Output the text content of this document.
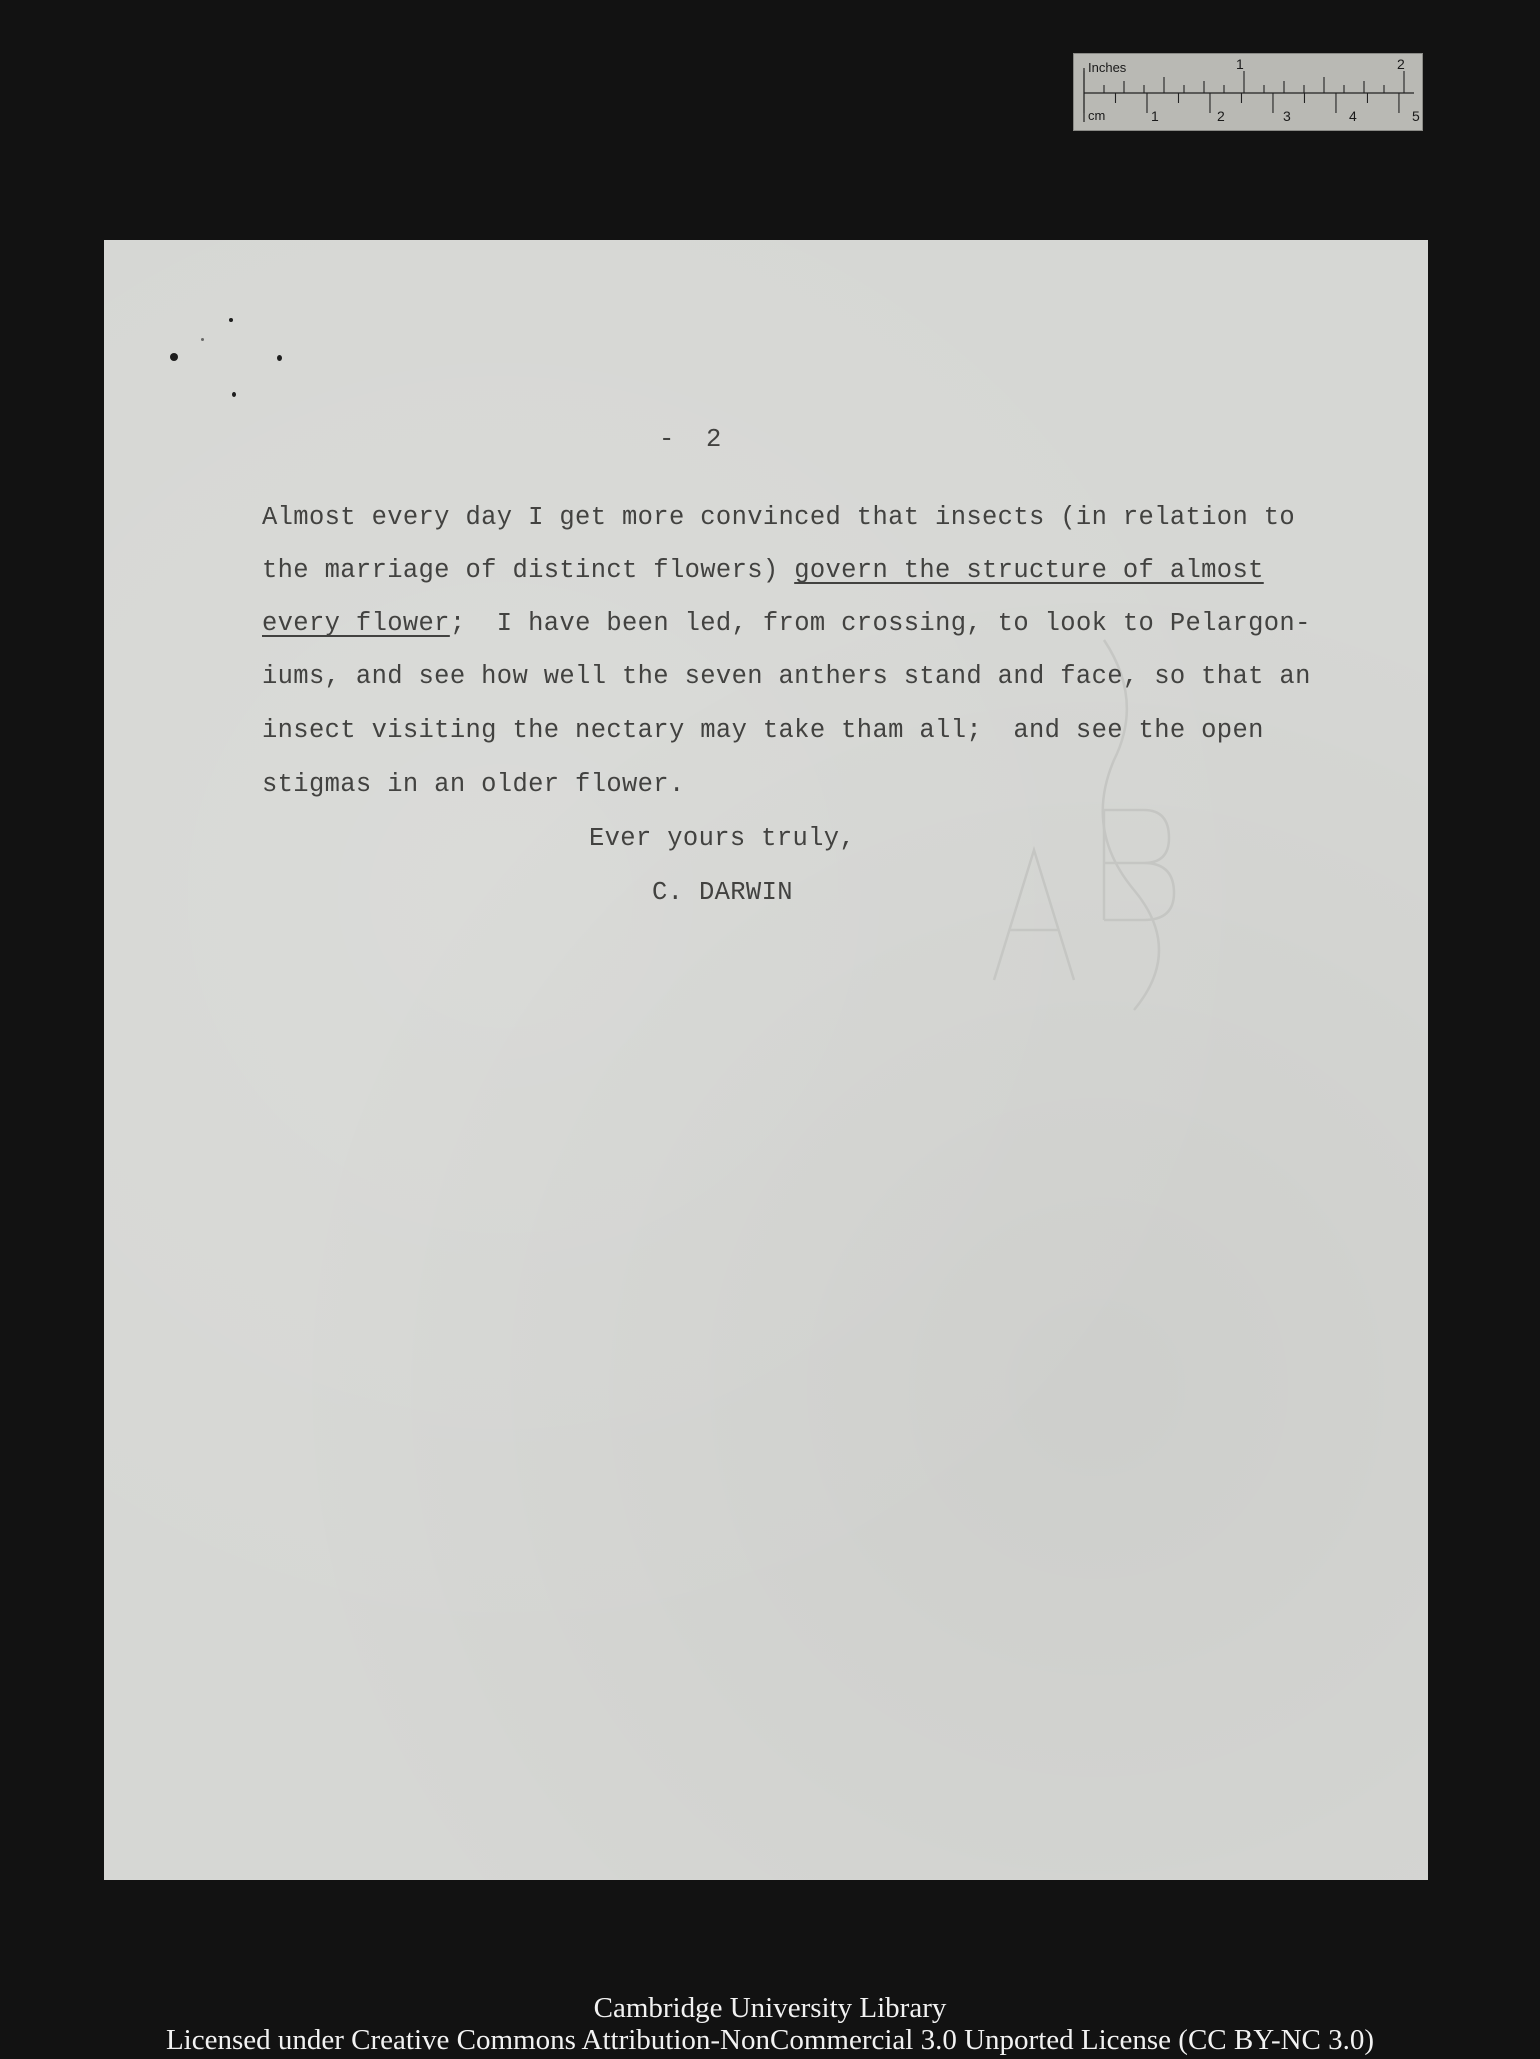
Inches	1	2
cm	1	2	3	4	5
-  2
Almost every day I get more convinced that insects (in relation to
the marriage of distinct flowers) govern the structure of almost
every flower;  I have been led, from crossing, to look to Pelargon-
iums, and see how well the seven anthers stand and face, so that an
insect visiting the nectary may take tham all;  and see the open
stigmas in an older flower.
Ever yours truly,
C. DARWIN
Cambridge University Library
Licensed under Creative Commons Attribution-NonCommercial 3.0 Unported License (CC BY-NC 3.0)
